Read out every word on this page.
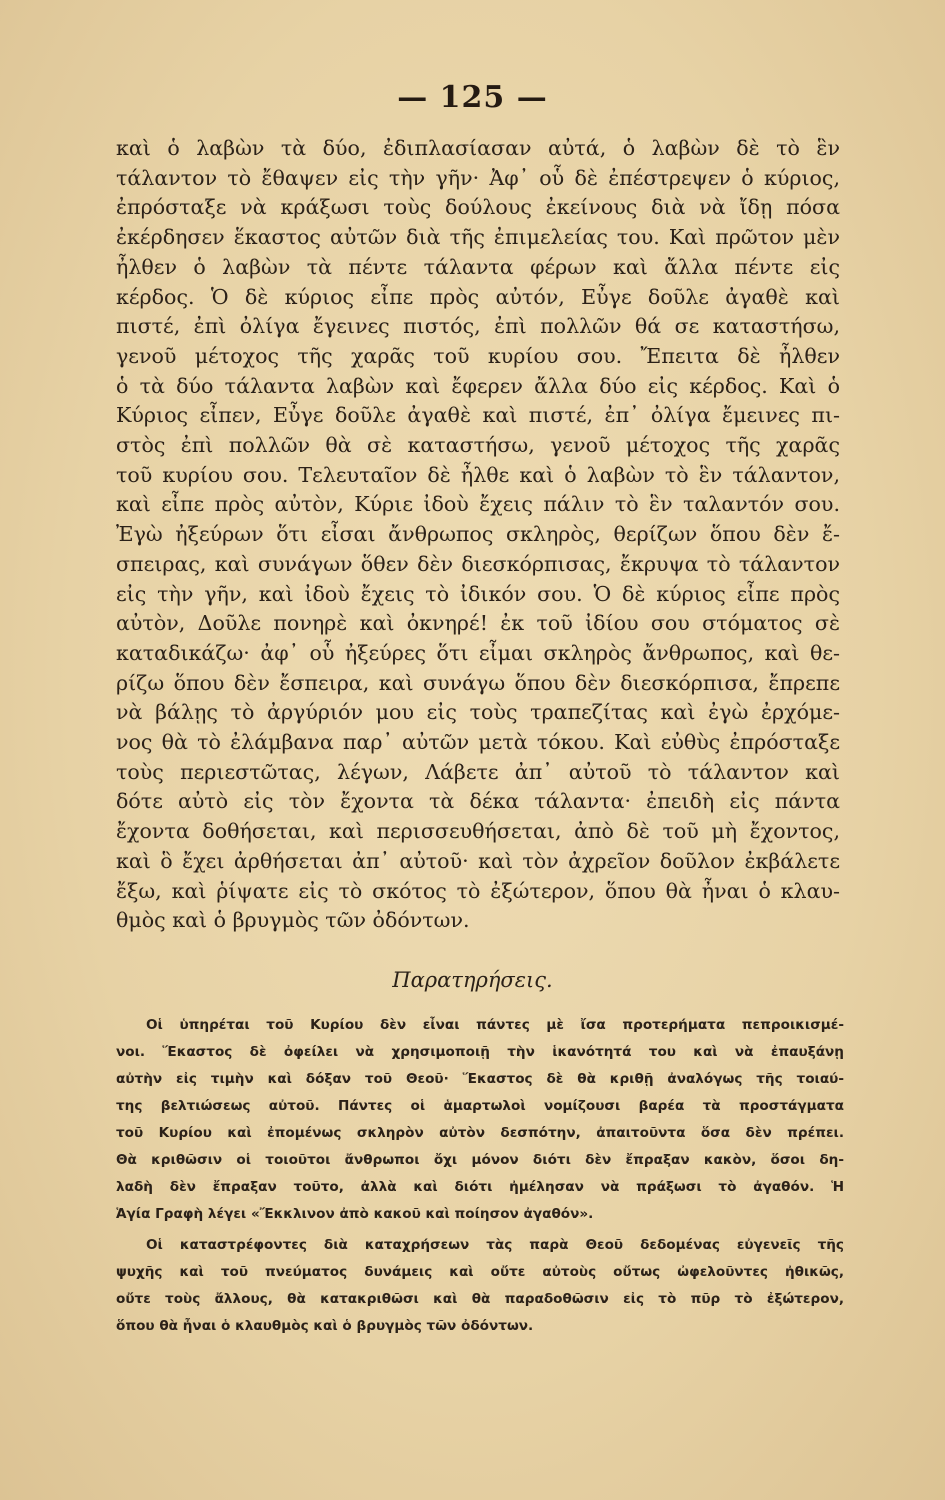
— 125 —
καὶ ὁ λαβὼν τὰ δύο, ἐδιπλασίασαν αὐτά, ὁ λαβὼν δὲ τὸ ἓν
τάλαντον τὸ ἔθαψεν εἰς τὴν γῆν· Ἀφ᾽ οὗ δὲ ἐπέστρεψεν ὁ κύριος,
ἐπρόσταξε νὰ κράξωσι τοὺς δούλους ἐκείνους διὰ νὰ ἴδῃ πόσα
ἐκέρδησεν ἕκαστος αὐτῶν διὰ τῆς ἐπιμελείας του. Καὶ πρῶτον μὲν
ἦλθεν ὁ λαβὼν τὰ πέντε τάλαντα φέρων καὶ ἄλλα πέντε εἰς
κέρδος. Ὁ δὲ κύριος εἶπε πρὸς αὐτόν, Εὖγε δοῦλε ἀγαθὲ καὶ
πιστέ, ἐπὶ ὀλίγα ἔγεινες πιστός, ἐπὶ πολλῶν θά σε καταστήσω,
γενοῦ μέτοχος τῆς χαρᾶς τοῦ κυρίου σου. Ἔπειτα δὲ ἦλθεν
ὁ τὰ δύο τάλαντα λαβὼν καὶ ἔφερεν ἄλλα δύο εἰς κέρδος. Καὶ ὁ
Κύριος εἶπεν, Εὖγε δοῦλε ἀγαθὲ καὶ πιστέ, ἐπ᾽ ὀλίγα ἔμεινες πι-
στὸς ἐπὶ πολλῶν θὰ σὲ καταστήσω, γενοῦ μέτοχος τῆς χαρᾶς
τοῦ κυρίου σου. Τελευταῖον δὲ ἦλθε καὶ ὁ λαβὼν τὸ ἓν τάλαντον,
καὶ εἶπε πρὸς αὐτὸν, Κύριε ἰδοὺ ἔχεις πάλιν τὸ ἓν ταλαντόν σου.
Ἐγὼ ἠξεύρων ὅτι εἶσαι ἄνθρωπος σκληρὸς, θερίζων ὅπου δὲν ἔ-
σπειρας, καὶ συνάγων ὅθεν δὲν διεσκόρπισας, ἔκρυψα τὸ τάλαντον
εἰς τὴν γῆν, καὶ ἰδοὺ ἔχεις τὸ ἰδικόν σου. Ὁ δὲ κύριος εἶπε πρὸς
αὐτὸν, Δοῦλε πονηρὲ καὶ ὀκνηρέ! ἐκ τοῦ ἰδίου σου στόματος σὲ
καταδικάζω· ἀφ᾽ οὗ ἠξεύρες ὅτι εἶμαι σκληρὸς ἄνθρωπος, καὶ θε-
ρίζω ὅπου δὲν ἔσπειρα, καὶ συνάγω ὅπου δὲν διεσκόρπισα, ἔπρεπε
νὰ βάλῃς τὸ ἀργύριόν μου εἰς τοὺς τραπεζίτας καὶ ἐγὼ ἐρχόμε-
νος θὰ τὸ ἐλάμβανα παρ᾽ αὐτῶν μετὰ τόκου. Καὶ εὐθὺς ἐπρόσταξε
τοὺς περιεστῶτας, λέγων, Λάβετε ἀπ᾽ αὐτοῦ τὸ τάλαντον καὶ
δότε αὐτὸ εἰς τὸν ἔχοντα τὰ δέκα τάλαντα· ἐπειδὴ εἰς πάντα
ἔχοντα δοθήσεται, καὶ περισσευθήσεται, ἀπὸ δὲ τοῦ μὴ ἔχοντος,
καὶ ὃ ἔχει ἀρθήσεται ἀπ᾽ αὐτοῦ· καὶ τὸν ἀχρεῖον δοῦλον ἐκβάλετε
ἔξω, καὶ ῥίψατε εἰς τὸ σκότος τὸ ἐξώτερον, ὅπου θὰ ἦναι ὁ κλαυ-
θμὸς καὶ ὁ βρυγμὸς τῶν ὀδόντων.
Παρατηρήσεις.
Οἱ ὑπηρέται τοῦ Κυρίου δὲν εἶναι πάντες μὲ ἴσα προτερήματα πεπροικισμέ-
νοι. Ἕκαστος δὲ ὀφείλει νὰ χρησιμοποιῇ τὴν ἱκανότητά του καὶ νὰ ἐπαυξάνῃ
αὐτὴν εἰς τιμὴν καὶ δόξαν τοῦ Θεοῦ· Ἕκαστος δὲ θὰ κριθῇ ἀναλόγως τῆς τοιαύ-
της βελτιώσεως αὐτοῦ. Πάντες οἱ ἁμαρτωλοὶ νομίζουσι βαρέα τὰ προστάγματα
τοῦ Κυρίου καὶ ἐπομένως σκληρὸν αὐτὸν δεσπότην, ἀπαιτοῦντα ὅσα δὲν πρέπει.
Θὰ κριθῶσιν οἱ τοιοῦτοι ἄνθρωποι ὄχι μόνον διότι δὲν ἔπραξαν κακὸν, ὅσοι δη-
λαδὴ δὲν ἔπραξαν τοῦτο, ἀλλὰ καὶ διότι ἠμέλησαν νὰ πράξωσι τὸ ἀγαθόν. Ἡ
Ἁγία Γραφὴ λέγει «Ἔκκλινον ἀπὸ κακοῦ καὶ ποίησον ἀγαθόν».
Οἱ καταστρέφοντες διὰ καταχρήσεων τὰς παρὰ Θεοῦ δεδομένας εὐγενεῖς τῆς
ψυχῆς καὶ τοῦ πνεύματος δυνάμεις καὶ οὔτε αὐτοὺς οὔτως ὠφελοῦντες ἠθικῶς,
οὔτε τοὺς ἄλλους, θὰ κατακριθῶσι καὶ θὰ παραδοθῶσιν εἰς τὸ πῦρ τὸ ἐξώτερον,
ὅπου θὰ ἦναι ὁ κλαυθμὸς καὶ ὁ βρυγμὸς τῶν ὀδόντων.
